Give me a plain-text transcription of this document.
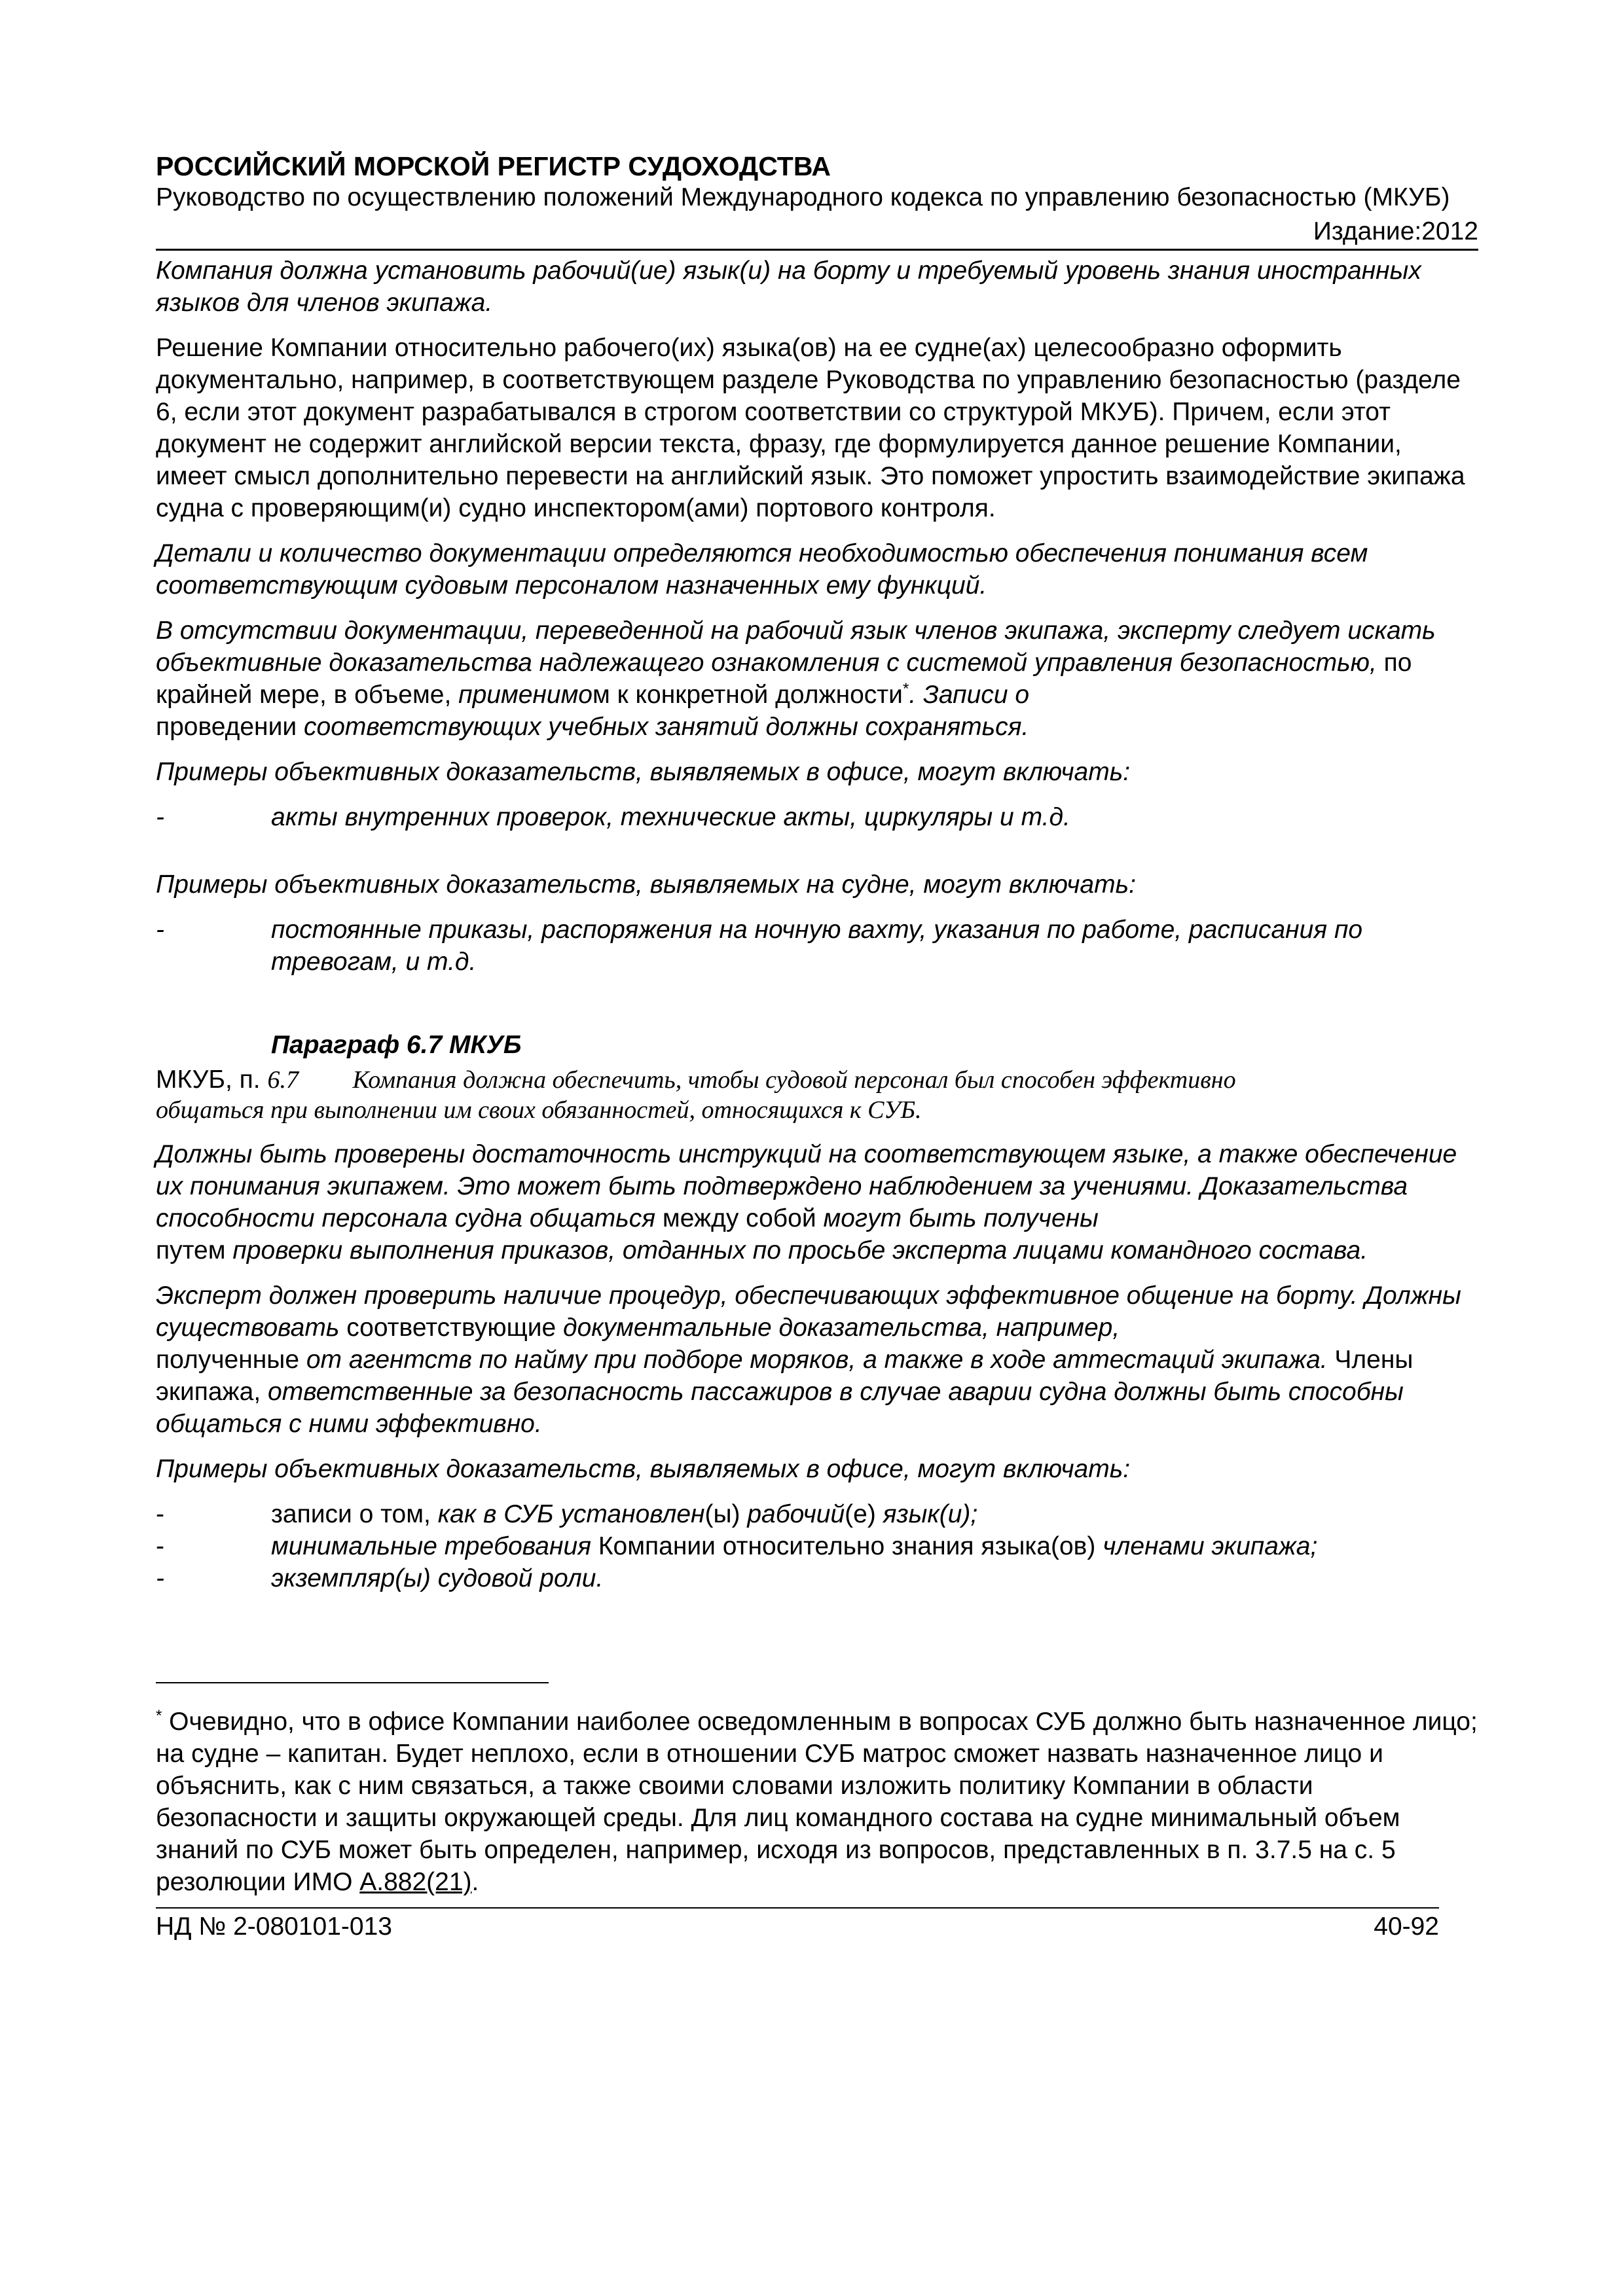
РОССИЙСКИЙ МОРСКОЙ РЕГИСТР СУДОХОДСТВА

Руководство по осуществлению положений Международного кодекса по управлению безопасностью (МКУБ)

Издание:2012

Компания должна установить рабочий(ие) язык(и) на борту и требуемый уровень знания иностранных языков для членов экипажа.

Решение Компании относительно рабочего(их) языка(ов) на ее судне(ах) целесообразно оформить документально, например, в соответствующем разделе Руководства по управлению безопасностью (разделе 6, если этот документ разрабатывался в строгом соответствии со структурой МКУБ). Причем, если этот документ не содержит английской версии текста, фразу, где формулируется данное решение Компании, имеет смысл дополнительно перевести на английский язык. Это поможет упростить взаимодействие экипажа судна с проверяющим(и) судно инспектором(ами) портового контроля.

Детали и количество документации определяются необходимостью обеспечения понимания всем соответствующим судовым персоналом назначенных ему функций.

В отсутствии документации, переведенной на рабочий язык членов экипажа, эксперту следует искать объективные доказательства надлежащего ознакомления с системой управления безопасностью, по крайней мере, в объеме, применимом к конкретной должности*. Записи о
проведении соответствующих учебных занятий должны сохраняться.

Примеры объективных доказательств, выявляемых в офисе, могут включать:

-	акты внутренних проверок, технические акты, циркуляры и т.д.

Примеры объективных доказательств, выявляемых на судне, могут включать:

-	постоянные приказы, распоряжения на ночную вахту, указания по работе, расписания по тревогам, и т.д.

Параграф 6.7 МКУБ

МКУБ, п. 6.7 Компания должна обеспечить, чтобы судовой персонал был способен эффективно
общаться при выполнении им своих обязанностей, относящихся к СУБ.

Должны быть проверены достаточность инструкций на соответствующем языке, а также обеспечение их понимания экипажем. Это может быть подтверждено наблюдением за учениями. Доказательства способности персонала судна общаться между собой могут быть получены
путем проверки выполнения приказов, отданных по просьбе эксперта лицами командного состава.

Эксперт должен проверить наличие процедур, обеспечивающих эффективное общение на борту. Должны существовать соответствующие документальные доказательства, например,
полученные от агентств по найму при подборе моряков, а также в ходе аттестаций экипажа. Члены экипажа, ответственные за безопасность пассажиров в случае аварии судна должны быть способны общаться с ними эффективно.

Примеры объективных доказательств, выявляемых в офисе, могут включать:

-	записи о том, как в СУБ установлен(ы) рабочий(е) язык(и);
-	минимальные требования Компании относительно знания языка(ов) членами экипажа;
-	экземпляр(ы) судовой роли.

* Очевидно, что в офисе Компании наиболее осведомленным в вопросах СУБ должно быть назначенное лицо; на судне – капитан. Будет неплохо, если в отношении СУБ матрос сможет назвать назначенное лицо и объяснить, как с ним связаться, а также своими словами изложить политику Компании в области безопасности и защиты окружающей среды. Для лиц командного состава на судне минимальный объем знаний по СУБ может быть определен, например, исходя из вопросов, представленных в п. 3.7.5 на с. 5 резолюции ИМО А.882(21).

НД № 2-080101-013	40-92
